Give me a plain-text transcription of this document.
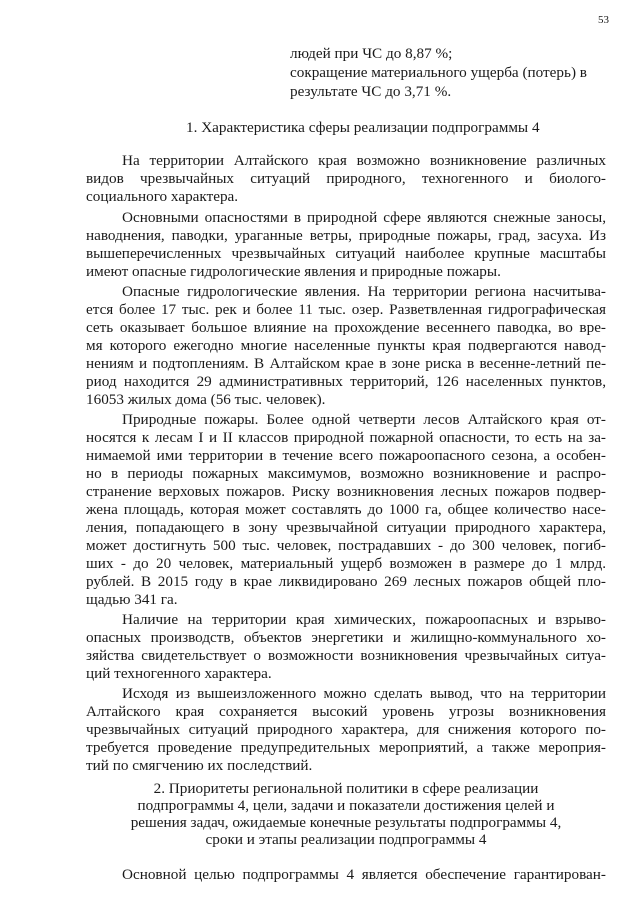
53
людей при ЧС до 8,87 %;
сокращение материального ущерба (потерь) в
результате ЧС до 3,71 %.
1. Характеристика сферы реализации подпрограммы 4
На территории Алтайского края возможно возникновение различных
видов чрезвычайных ситуаций природного, техногенного и биолого-
социального характера.
Основными опасностями в природной сфере являются снежные заносы,
наводнения, паводки, ураганные ветры, природные пожары, град, засуха. Из
вышеперечисленных чрезвычайных ситуаций наиболее крупные масштабы
имеют опасные гидрологические явления и природные пожары.
Опасные гидрологические явления. На территории региона насчитыва-
ется более 17 тыс. рек и более 11 тыс. озер. Разветвленная гидрографическая
сеть оказывает большое влияние на прохождение весеннего паводка, во вре-
мя которого ежегодно многие населенные пункты края подвергаются навод-
нениям и подтоплениям. В Алтайском крае в зоне риска в весенне-летний пе-
риод находится 29 административных территорий, 126 населенных пунктов,
16053 жилых дома (56 тыс. человек).
Природные пожары. Более одной четверти лесов Алтайского края от-
носятся к лесам I и II классов природной пожарной опасности, то есть на за-
нимаемой ими территории в течение всего пожароопасного сезона, а особен-
но в периоды пожарных максимумов, возможно возникновение и распро-
странение верховых пожаров. Риску возникновения лесных пожаров подвер-
жена площадь, которая может составлять до 1000 га, общее количество насе-
ления, попадающего в зону чрезвычайной ситуации природного характера,
может достигнуть 500 тыс. человек, пострадавших - до 300 человек, погиб-
ших - до 20 человек, материальный ущерб возможен в размере до 1 млрд.
рублей. В 2015 году в крае ликвидировано 269 лесных пожаров общей пло-
щадью 341 га.
Наличие на территории края химических, пожароопасных и взрыво-
опасных производств, объектов энергетики и жилищно-коммунального хо-
зяйства свидетельствует о возможности возникновения чрезвычайных ситуа-
ций техногенного характера.
Исходя из вышеизложенного можно сделать вывод, что на территории
Алтайского края сохраняется высокий уровень угрозы возникновения
чрезвычайных ситуаций природного характера, для снижения которого по-
требуется проведение предупредительных мероприятий, а также мероприя-
тий по смягчению их последствий.
2. Приоритеты региональной политики в сфере реализации
подпрограммы 4, цели, задачи и показатели достижения целей и
решения задач, ожидаемые конечные результаты подпрограммы 4,
сроки и этапы реализации подпрограммы 4
Основной целью подпрограммы 4 является обеспечение гарантирован-
